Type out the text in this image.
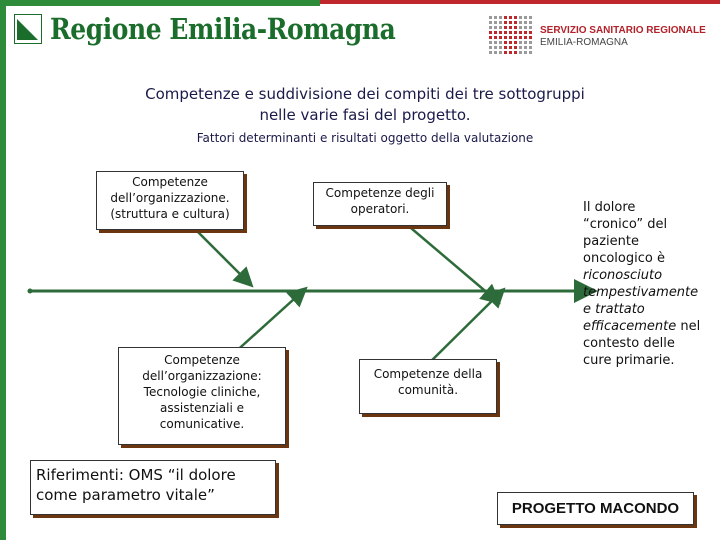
Regione Emilia-Romagna	SERVIZIO SANITARIO REGIONALE
EMILIA-ROMAGNA
Competenze e suddivisione dei compiti dei tre sottogruppi
nelle varie fasi del progetto.
Fattori determinanti e risultati oggetto della valutazione
Competenze
dell’organizzazione.
(struttura e cultura)
Competenze degli
operatori.
Competenze
dell’organizzazione:
Tecnologie cliniche,
assistenziali e
comunicative.
Competenze della
comunità.
Il dolore
“cronico” del
paziente
oncologico è
riconosciuto
tempestivamente
e trattato
efficacemente nel
contesto delle
cure primarie.
Riferimenti: OMS “il dolore
come parametro vitale”
PROGETTO MACONDO
